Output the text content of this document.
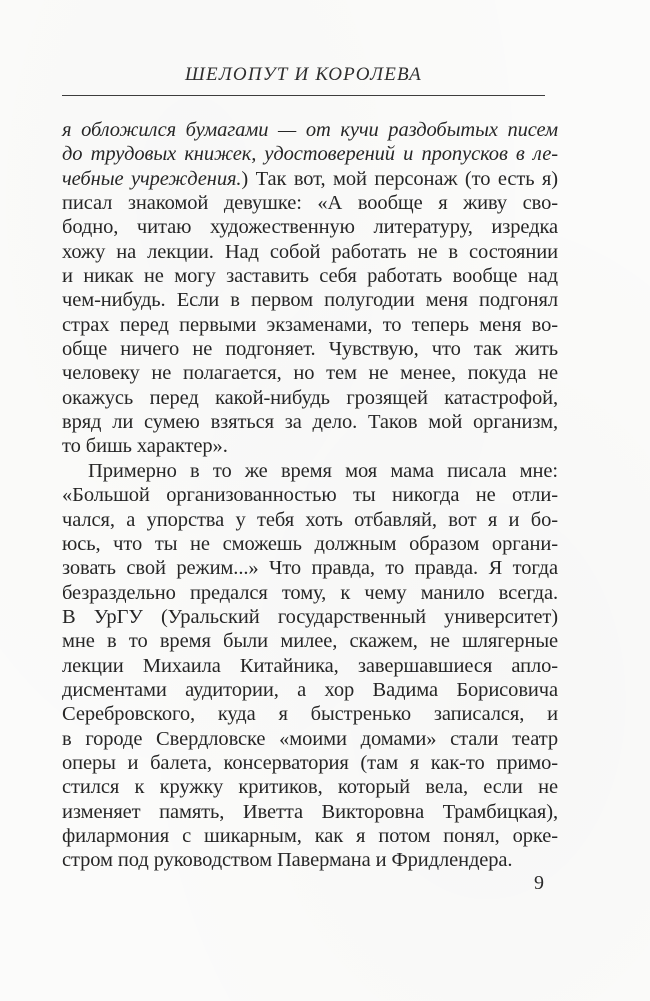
ШЕЛОПУТ И КОРОЛЕВА
я обложился бумагами — от кучи раздобытых писем
до трудовых книжек, удостоверений и пропусков в ле-
чебные учреждения.) Так вот, мой персонаж (то есть я)
писал знакомой девушке: «А вообще я живу сво-
бодно, читаю художественную литературу, изредка
хожу на лекции. Над собой работать не в состоянии
и никак не могу заставить себя работать вообще над
чем-нибудь. Если в первом полугодии меня подгонял
страх перед первыми экзаменами, то теперь меня во-
обще ничего не подгоняет. Чувствую, что так жить
человеку не полагается, но тем не менее, покуда не
окажусь перед какой-нибудь грозящей катастрофой,
вряд ли сумею взяться за дело. Таков мой организм,
то бишь характер».
Примерно в то же время моя мама писала мне:
«Большой организованностью ты никогда не отли-
чался, а упорства у тебя хоть отбавляй, вот я и бо-
юсь, что ты не сможешь должным образом органи-
зовать свой режим...» Что правда, то правда. Я тогда
безраздельно предался тому, к чему манило всегда.
В УрГУ (Уральский государственный университет)
мне в то время были милее, скажем, не шлягерные
лекции Михаила Китайника, завершавшиеся апло-
дисментами аудитории, а хор Вадима Борисовича
Серебровского, куда я быстренько записался, и
в городе Свердловске «моими домами» стали театр
оперы и балета, консерватория (там я как-то примо-
стился к кружку критиков, который вела, если не
изменяет память, Иветта Викторовна Трамбицкая),
филармония с шикарным, как я потом понял, орке-
стром под руководством Павермана и Фридлендера.
9
